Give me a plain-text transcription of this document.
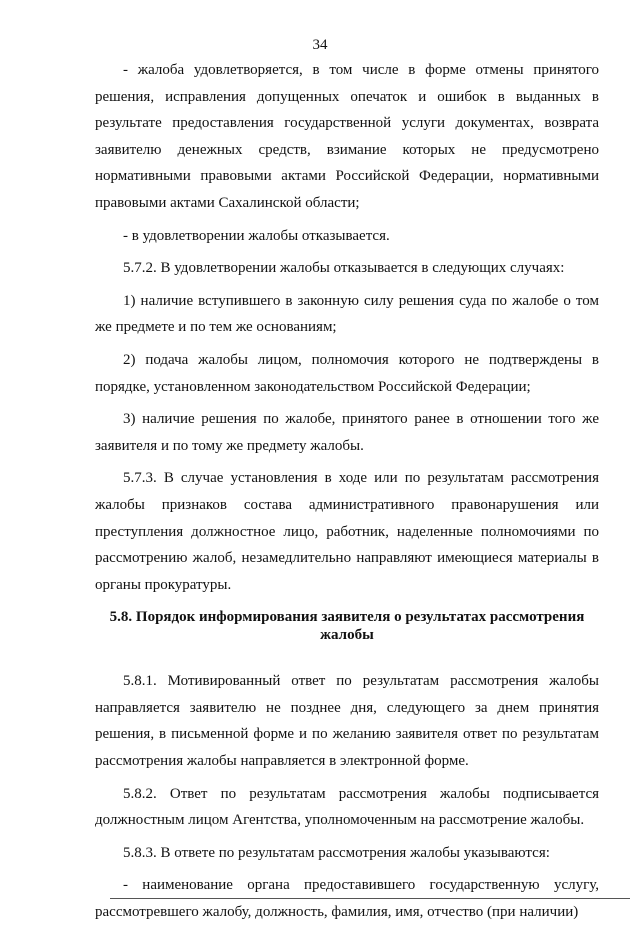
34

- жалоба удовлетворяется, в том числе в форме отмены принятого решения, исправления допущенных опечаток и ошибок в выданных в результате предоставления государственной услуги документах, возврата заявителю денежных средств, взимание которых не предусмотрено нормативными правовыми актами Российской Федерации, нормативными правовыми актами Сахалинской области;

- в удовлетворении жалобы отказывается.

5.7.2. В удовлетворении жалобы отказывается в следующих случаях:

1) наличие вступившего в законную силу решения суда по жалобе о том же предмете и по тем же основаниям;

2) подача жалобы лицом, полномочия которого не подтверждены в порядке, установленном законодательством Российской Федерации;

3) наличие решения по жалобе, принятого ранее в отношении того же заявителя и по тому же предмету жалобы.

5.7.3. В случае установления в ходе или по результатам рассмотрения жалобы признаков состава административного правонарушения или преступления должностное лицо, работник, наделенные полномочиями по рассмотрению жалоб, незамедлительно направляют имеющиеся материалы в органы прокуратуры.

5.8. Порядок информирования заявителя о результатах рассмотрения жалобы

5.8.1. Мотивированный ответ по результатам рассмотрения жалобы направляется заявителю не позднее дня, следующего за днем принятия решения, в письменной форме и по желанию заявителя ответ по результатам рассмотрения жалобы направляется в электронной форме.

5.8.2. Ответ по результатам рассмотрения жалобы подписывается должностным лицом Агентства, уполномоченным на рассмотрение жалобы.

5.8.3. В ответе по результатам рассмотрения жалобы указываются:

- наименование органа предоставившего государственную услугу, рассмотревшего жалобу, должность, фамилия, имя, отчество (при наличии)
